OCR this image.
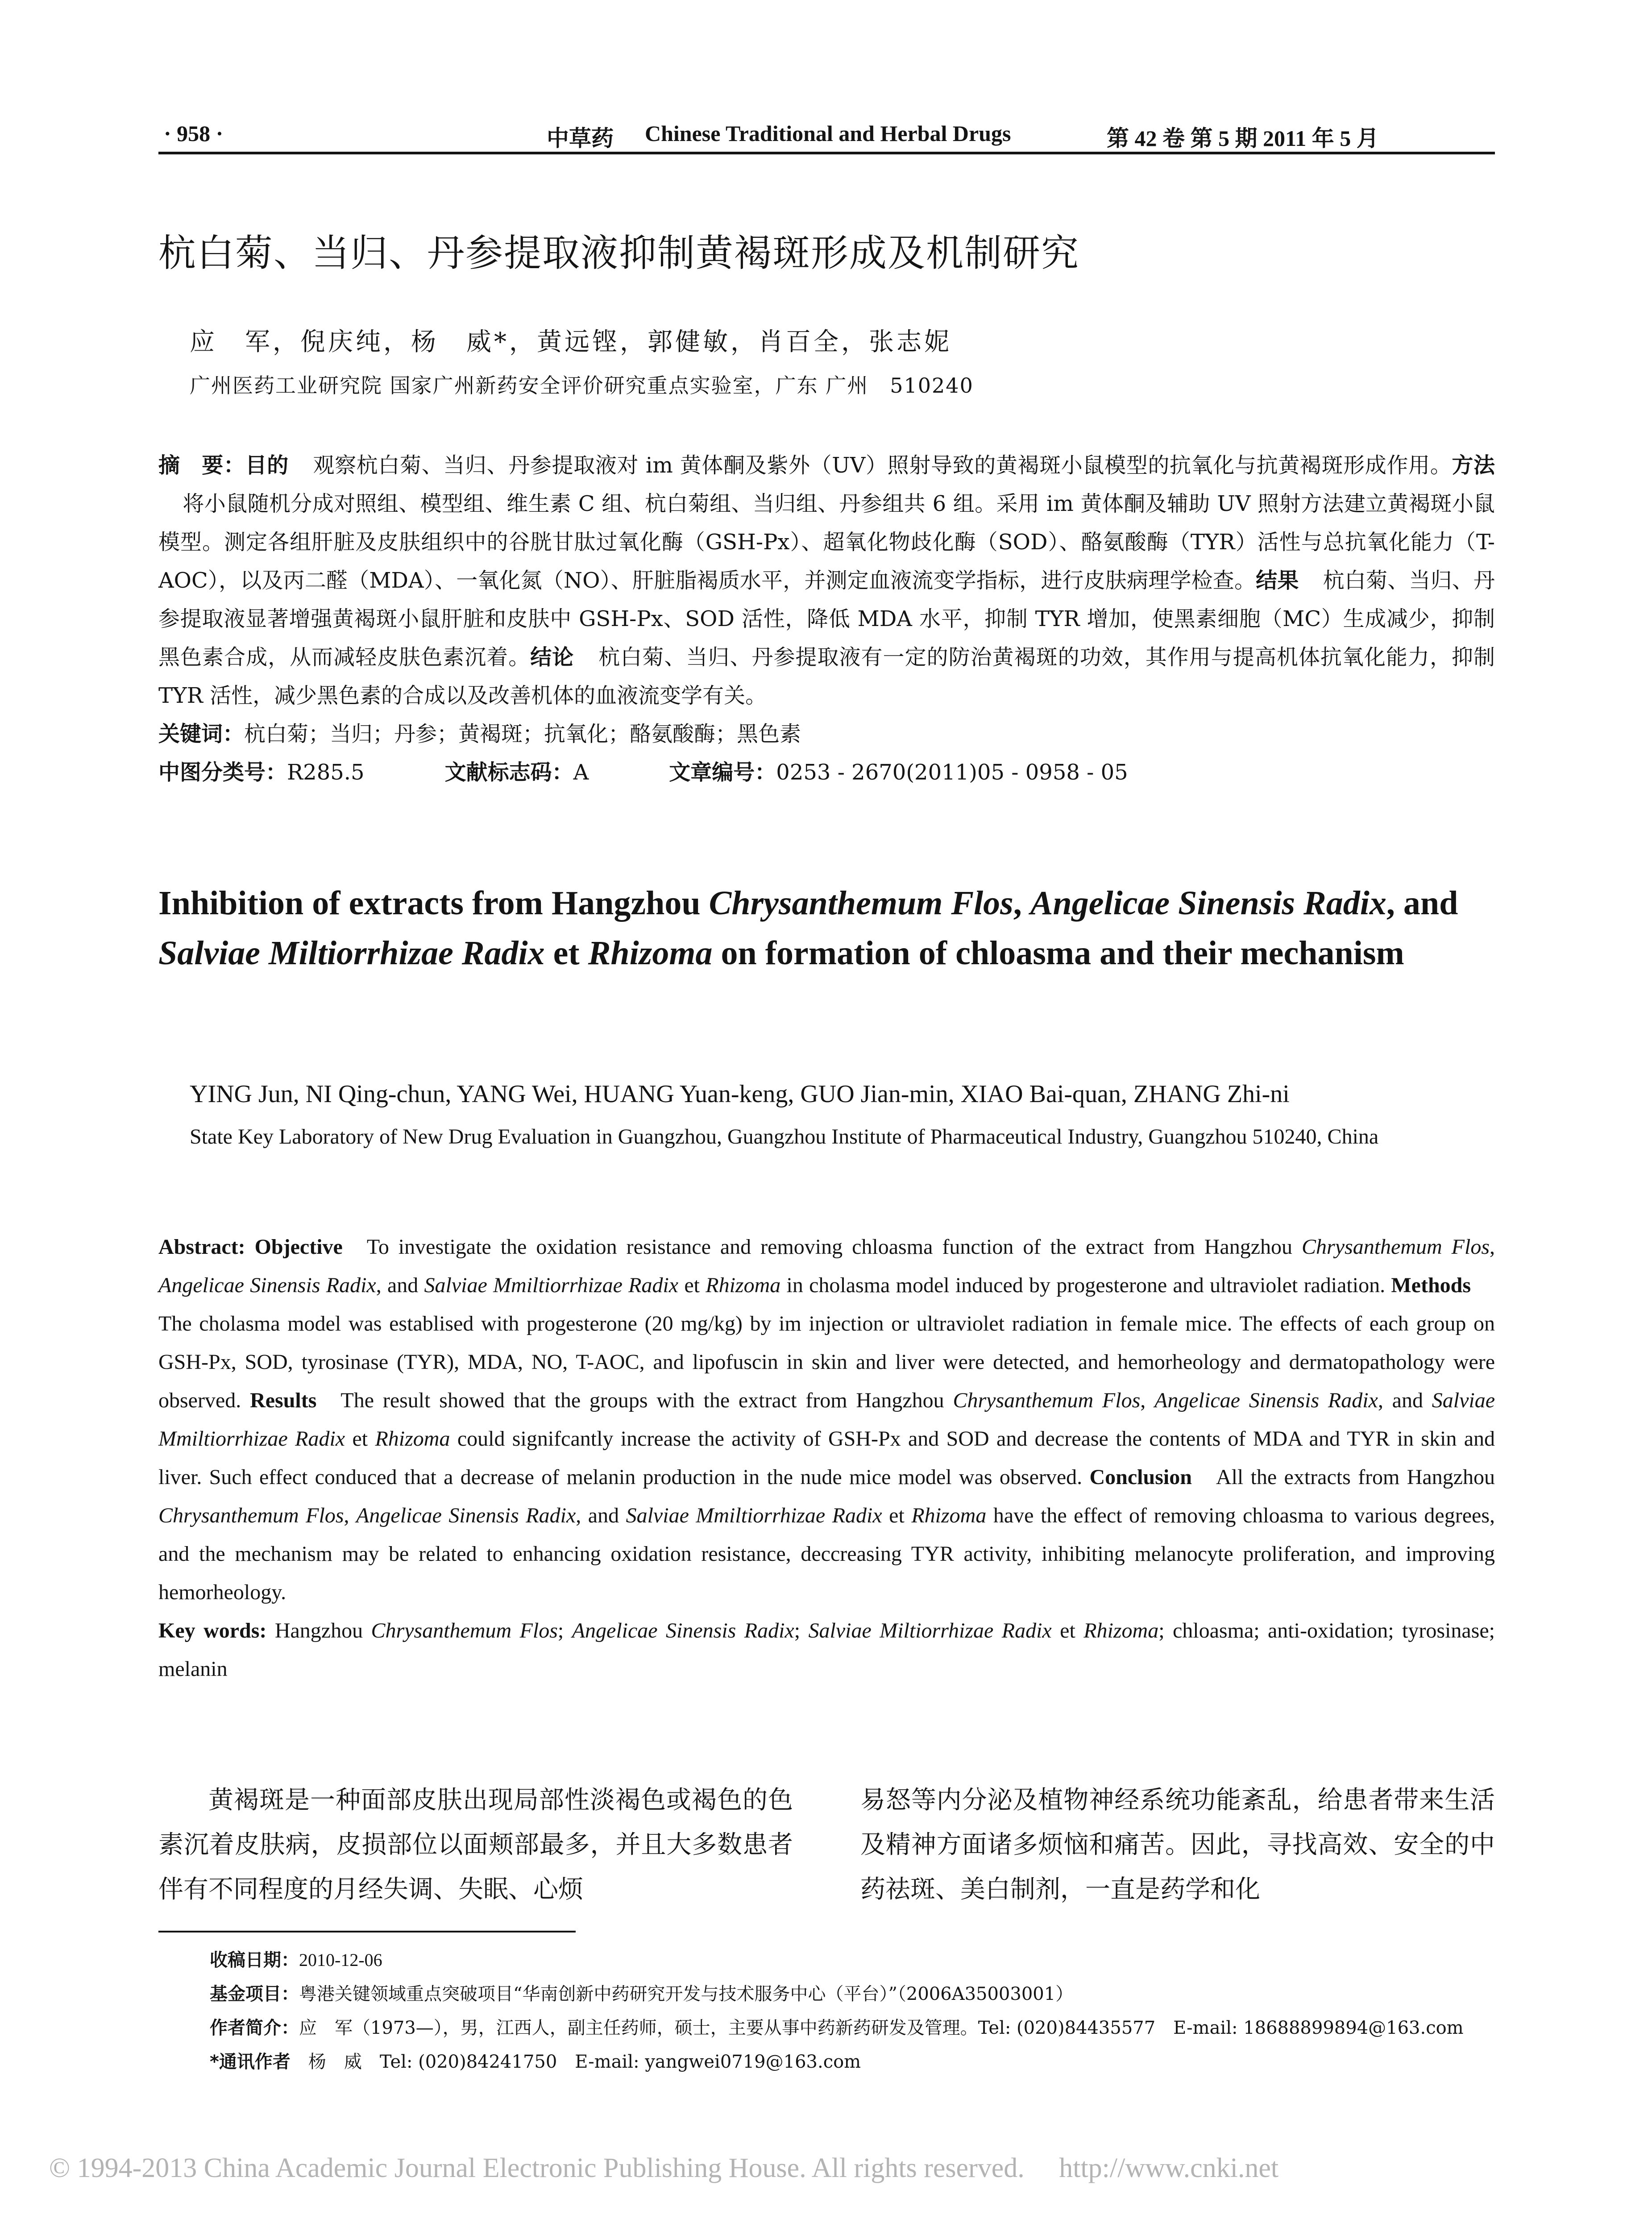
· 958 ·	中草药 Chinese Traditional and Herbal Drugs	第 42 卷 第 5 期 2011 年 5 月
杭白菊、当归、丹参提取液抑制黄褐斑形成及机制研究
应　军，倪庆纯，杨　威*，黄远铿，郭健敏，肖百全，张志妮
广州医药工业研究院 国家广州新药安全评价研究重点实验室，广东 广州　510240

摘　要：目的 观察杭白菊、当归、丹参提取液对 im 黄体酮及紫外（UV）照射导致的黄褐斑小鼠模型的抗氧化与抗黄褐斑形成作用。方法将小鼠随机分成对照组、模型组、维生素 C 组、杭白菊组、当归组、丹参组共 6 组。采用 im 黄体酮及辅助 UV 照射方法建立黄褐斑小鼠模型。测定各组肝脏及皮肤组织中的谷胱甘肽过氧化酶（GSH-Px）、超氧化物歧化酶（SOD）、酪氨酸酶（TYR）活性与总抗氧化能力（T-AOC），以及丙二醛（MDA）、一氧化氮（NO）、肝脏脂褐质水平，并测定血液流变学指标，进行皮肤病理学检查。结果 杭白菊、当归、丹参提取液显著增强黄褐斑小鼠肝脏和皮肤中 GSH-Px、SOD 活性，降低 MDA 水平，抑制 TYR 增加，使黑素细胞（MC）生成减少，抑制黑色素合成，从而减轻皮肤色素沉着。结论 杭白菊、当归、丹参提取液有一定的防治黄褐斑的功效，其作用与提高机体抗氧化能力，抑制 TYR 活性，减少黑色素的合成以及改善机体的血液流变学有关。

关键词：杭白菊；当归；丹参；黄褐斑；抗氧化；酪氨酸酶；黑色素

中图分类号：R285.5	文献标志码：A	文章编号：0253 - 2670(2011)05 - 0958 - 05

Inhibition of extracts from Hangzhou Chrysanthemum Flos, Angelicae Sinensis Radix, and Salviae Miltiorrhizae Radix et Rhizoma on formation of chloasma and their mechanism
YING Jun, NI Qing-chun, YANG Wei, HUANG Yuan-keng, GUO Jian-min, XIAO Bai-quan, ZHANG Zhi-ni
State Key Laboratory of New Drug Evaluation in Guangzhou, Guangzhou Institute of Pharmaceutical Industry, Guangzhou 510240, China

Abstract: Objective To investigate the oxidation resistance and removing chloasma function of the extract from Hangzhou Chrysanthemum Flos, Angelicae Sinensis Radix, and Salviae Mmiltiorrhizae Radix et Rhizoma in cholasma model induced by progesterone and ultraviolet radiation. MethodsThe cholasma model was establised with progesterone (20 mg/kg) by im injection or ultraviolet radiation in female mice. The effects of each group on GSH-Px, SOD, tyrosinase (TYR), MDA, NO, T-AOC, and lipofuscin in skin and liver were detected, and hemorheology and dermatopathology were observed. Results The result showed that the groups with the extract from Hangzhou Chrysanthemum Flos, Angelicae Sinensis Radix, and Salviae Mmiltiorrhizae Radix et Rhizoma could signifcantly increase the activity of GSH-Px and SOD and decrease the contents of MDA and TYR in skin and liver. Such effect conduced that a decrease of melanin production in the nude mice model was observed. Conclusion All the extracts from Hangzhou Chrysanthemum Flos, Angelicae Sinensis Radix, and Salviae Mmiltiorrhizae Radix et Rhizoma have the effect of removing chloasma to various degrees, and the mechanism may be related to enhancing oxidation resistance, deccreasing TYR activity, inhibiting melanocyte proliferation, and improving hemorheology.

Key words: Hangzhou Chrysanthemum Flos; Angelicae Sinensis Radix; Salviae Miltiorrhizae Radix et Rhizoma; chloasma; anti-oxidation; tyrosinase; melanin

黄褐斑是一种面部皮肤出现局部性淡褐色或褐色的色素沉着皮肤病，皮损部位以面颊部最多，并且大多数患者伴有不同程度的月经失调、失眠、心烦
易怒等内分泌及植物神经系统功能紊乱，给患者带来生活及精神方面诸多烦恼和痛苦。因此，寻找高效、安全的中药祛斑、美白制剂，一直是药学和化
收稿日期：2010-12-06
基金项目：粤港关键领域重点突破项目“华南创新中药研究开发与技术服务中心（平台）”（2006A35003001）
作者简介：应　军（1973—），男，江西人，副主任药师，硕士，主要从事中药新药研发及管理。Tel: (020)84435577　E-mail: 18688899894@163.com
*通讯作者　 杨　威　Tel: (020)84241750　E-mail: yangwei0719@163.com
© 1994-2013 China Academic Journal Electronic Publishing House. All rights reserved.　 http://www.cnki.net
